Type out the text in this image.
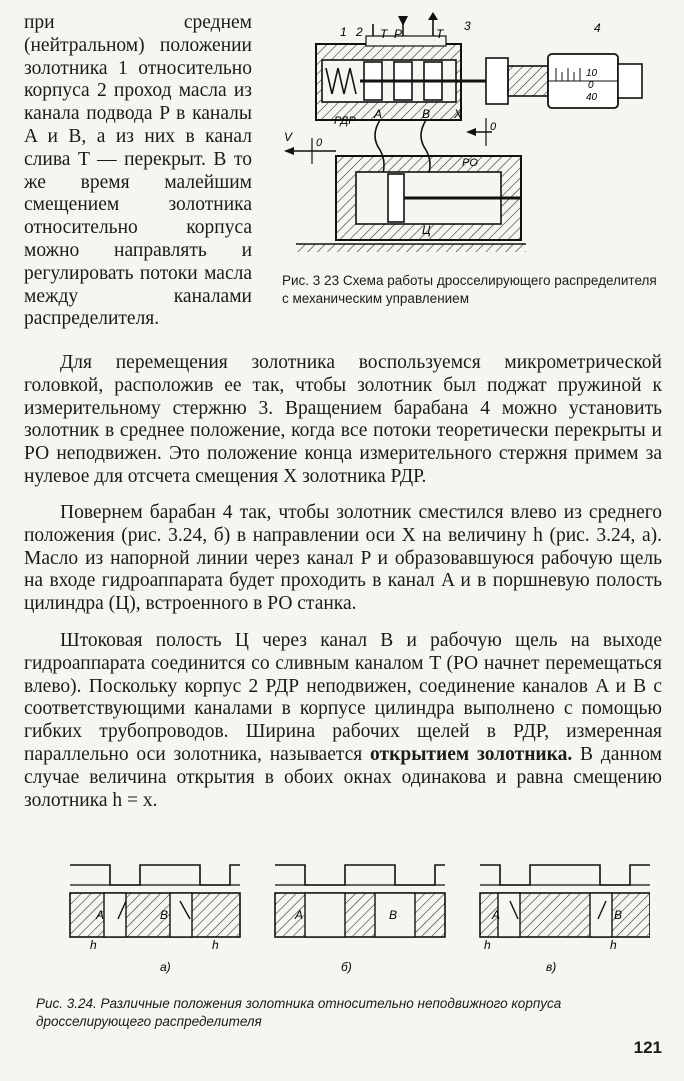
при среднем (нейтральном) положении золотника 1 относительно корпуса 2 проход масла из канала подвода P в каналы A и B, а из них в канал слива T — перекрыт. В то же время малейшим смещением золотника относительно корпуса можно направлять и регулировать потоки масла между каналами распределителя.

1 2	3	4
T P	T
РДР A	B X
V 0
0
РО
Ц
10
0
40
Рис. 3 23 Схема работы дросселирующего распределителя с механическим управлением

Для перемещения золотника воспользуемся микрометрической головкой, расположив ее так, чтобы золотник был поджат пружиной к измерительному стержню 3. Вращением барабана 4 можно установить золотник в среднее положение, когда все потоки теоретически перекрыты и РО неподвижен. Это положение конца измерительного стержня примем за нулевое для отсчета смещения X золотника РДР.

Повернем барабан 4 так, чтобы золотник сместился влево из среднего положения (рис. 3.24, б) в направлении оси X на величину h (рис. 3.24, а). Масло из напорной линии через канал P и образовавшуюся рабочую щель на входе гидроаппарата будет проходить в канал A и в поршневую полость цилиндра (Ц), встроенного в РО станка.

Штоковая полость Ц через канал B и рабочую щель на выходе гидроаппарата соединится со сливным каналом T (РО начнет перемещаться влево). Поскольку корпус 2 РДР неподвижен, соединение каналов A и B с соответствующими каналами в корпусе цилиндра выполнено с помощью гибких трубопроводов. Ширина рабочих щелей в РДР, измеренная параллельно оси золотника, называется открытием золотника. В данном случае величина открытия в обоих окнах одинакова и равна смещению золотника h = x.

A	B
h	h
а)
A	B
б)
A	B
h	h
в)
Рис. 3.24. Различные положения золотника относительно неподвижного корпуса дросселирующего распределителя
121
